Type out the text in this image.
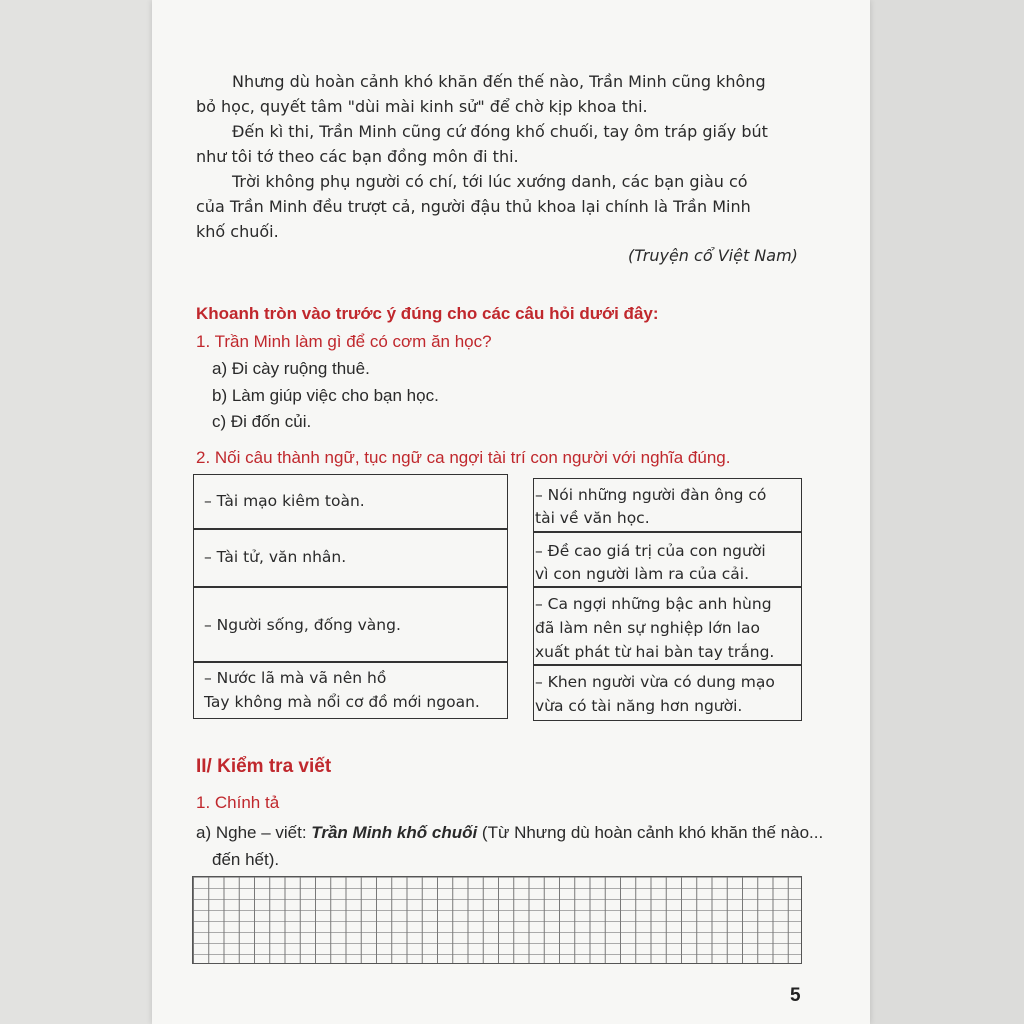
Nhưng dù hoàn cảnh khó khăn đến thế nào, Trần Minh cũng không
bỏ học, quyết tâm "dùi mài kinh sử" để chờ kịp khoa thi.
Đến kì thi, Trần Minh cũng cứ đóng khố chuối, tay ôm tráp giấy bút
như tôi tớ theo các bạn đồng môn đi thi.
Trời không phụ người có chí, tới lúc xướng danh, các bạn giàu có
của Trần Minh đều trượt cả, người đậu thủ khoa lại chính là Trần Minh
khố chuối.
(Truyện cổ Việt Nam)
Khoanh tròn vào trước ý đúng cho các câu hỏi dưới đây:
1. Trần Minh làm gì để có cơm ăn học?
a) Đi cày ruộng thuê.
b) Làm giúp việc cho bạn học.
c) Đi đốn củi.
2. Nối câu thành ngữ, tục ngữ ca ngợi tài trí con người với nghĩa đúng.
– Tài mạo kiêm toàn.
– Tài tử, văn nhân.
– Người sống, đống vàng.
– Nước lã mà vã nên hồ
Tay không mà nổi cơ đồ mới ngoan.
– Nói những người đàn ông có
tài về văn học.
– Đề cao giá trị của con người
vì con người làm ra của cải.
– Ca ngợi những bậc anh hùng
đã làm nên sự nghiệp lớn lao
xuất phát từ hai bàn tay trắng.
– Khen người vừa có dung mạo
vừa có tài năng hơn người.
II/ Kiểm tra viết
1. Chính tả
a) Nghe – viết: Trần Minh khố chuối (Từ Nhưng dù hoàn cảnh khó khăn thế nào...
đến hết).
5
